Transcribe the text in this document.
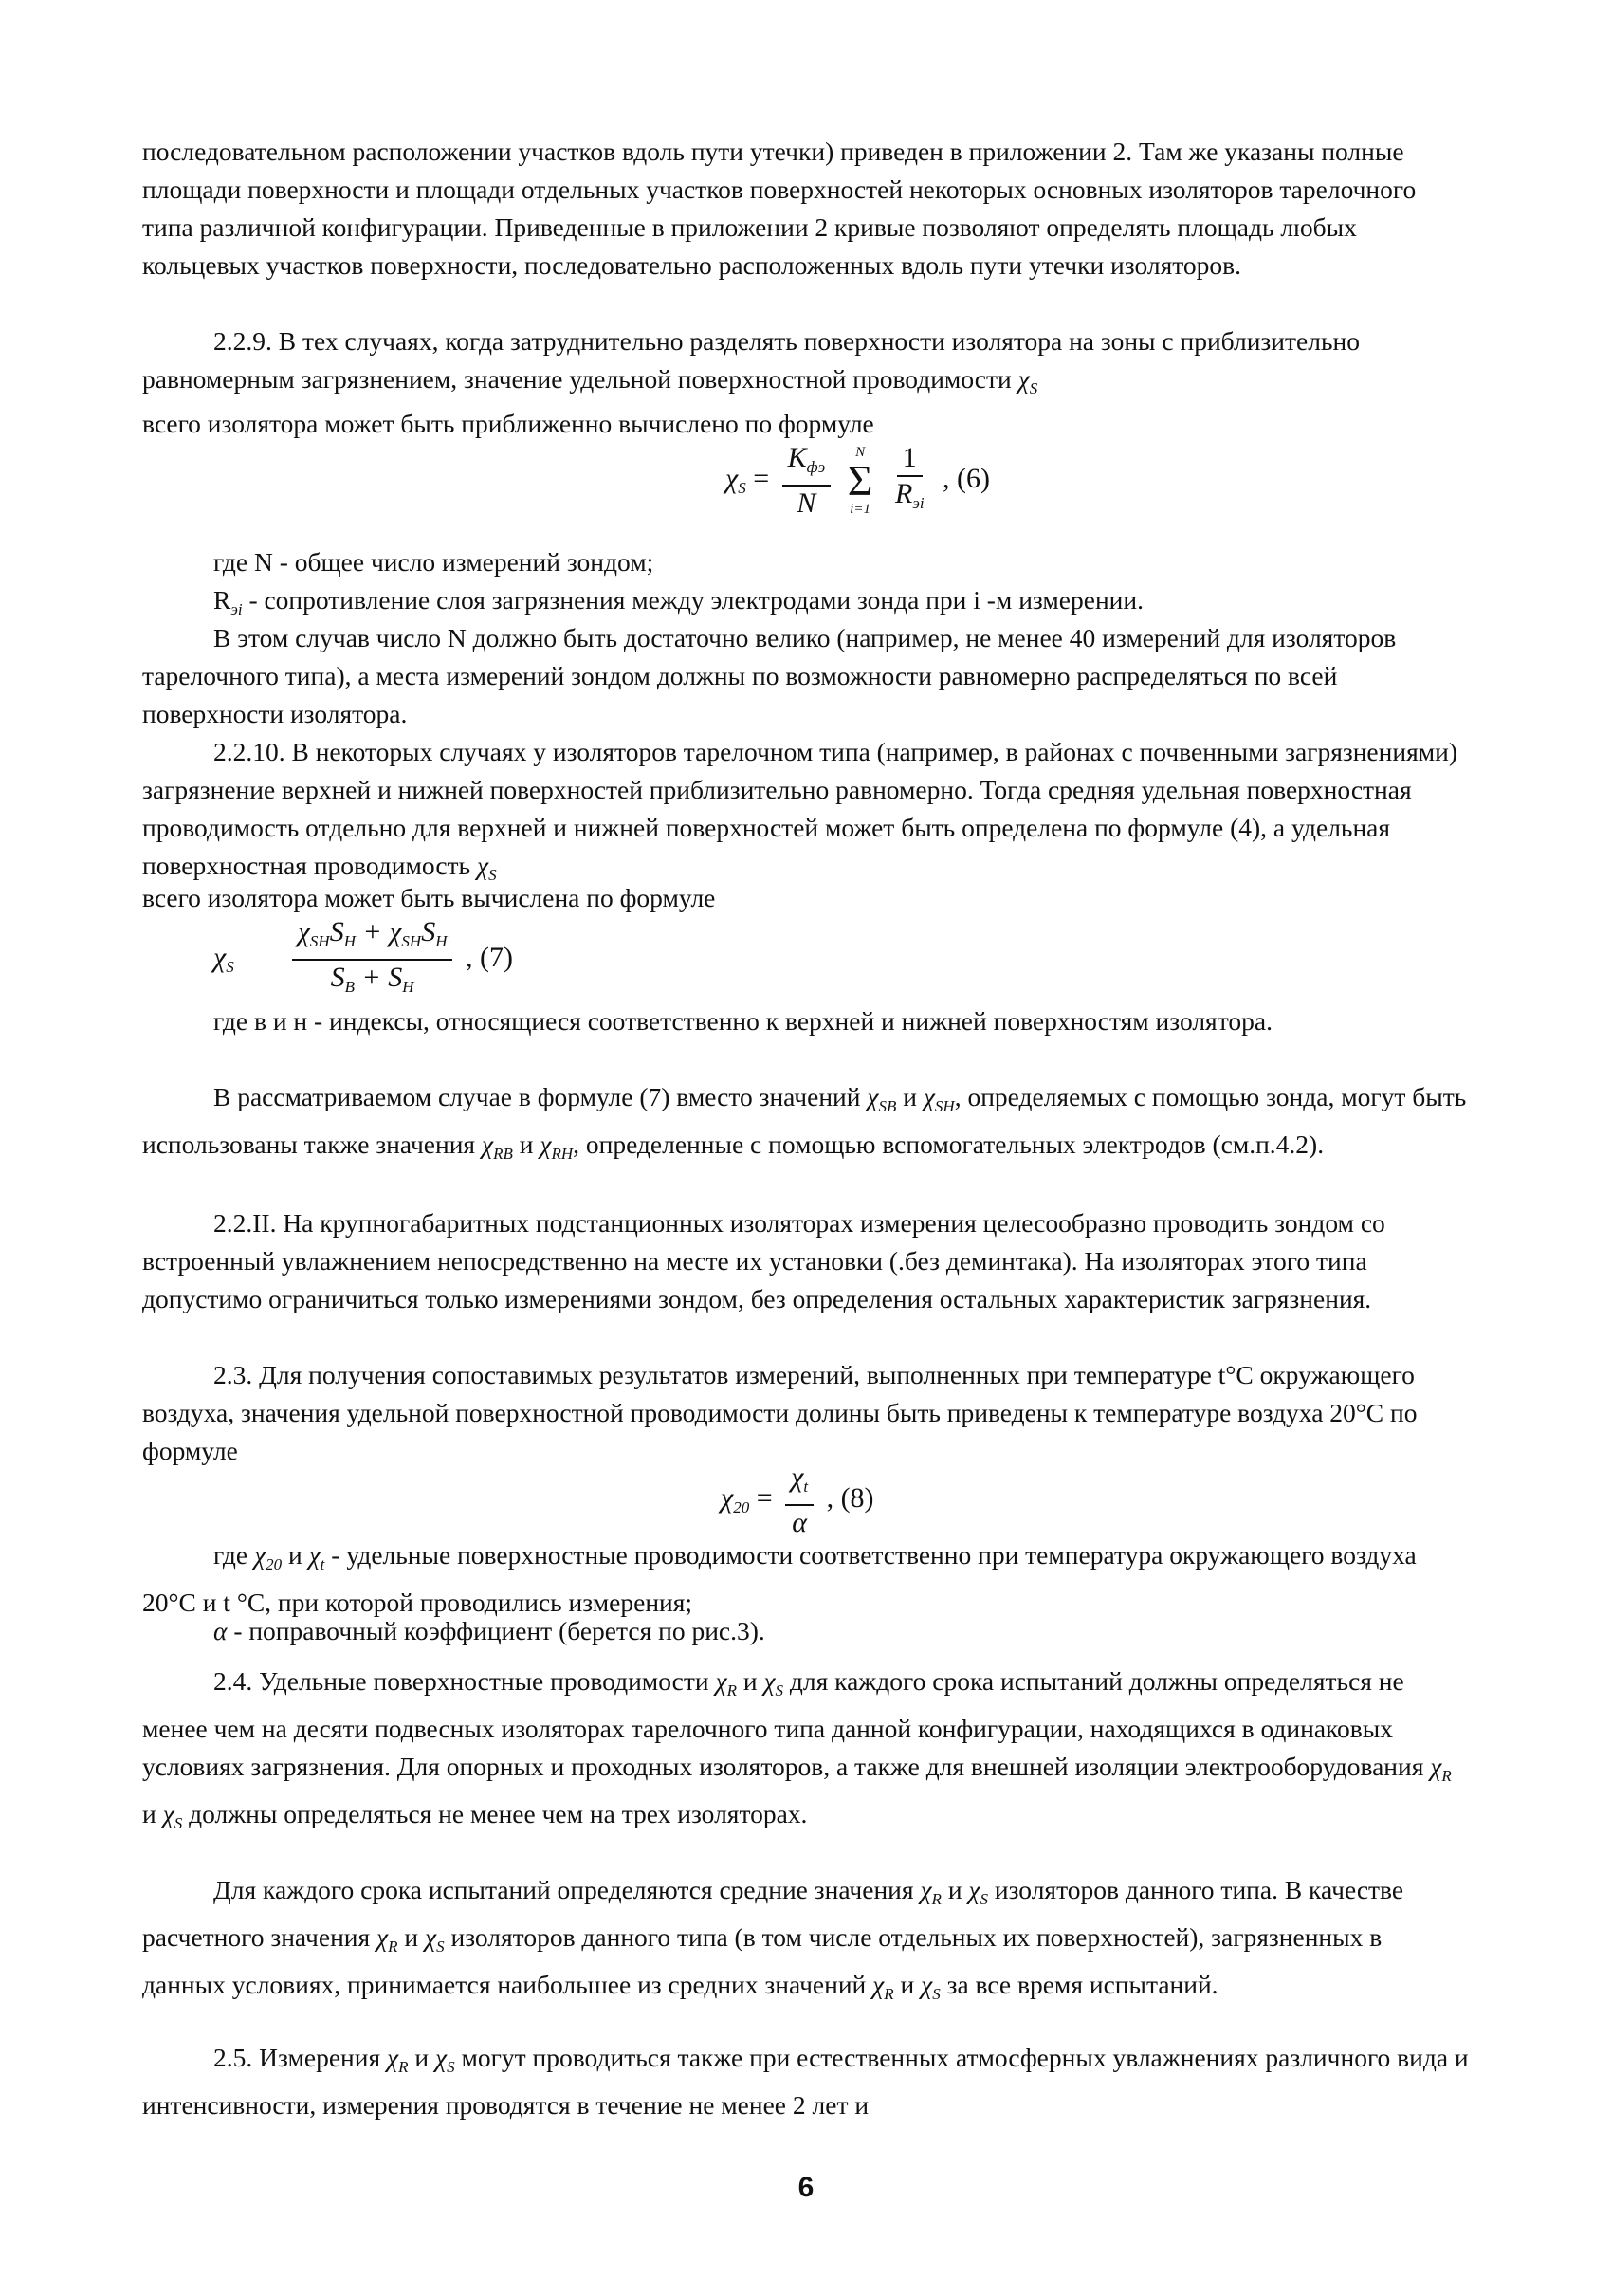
последовательном расположении участков вдоль пути утечки) приведен в приложении 2. Там же указаны полные площади поверхности и площади отдельных участков поверхностей некоторых основных изоляторов тарелочного типа различной конфигурации. Приведенные в приложении 2 кривые позволяют определять площадь любых кольцевых участков поверхности, последовательно расположенных вдоль пути утечки изоляторов.

2.2.9. В тех случаях, когда затруднительно разделять поверхности изолятора на зоны с приблизительно равномерным загрязнением, значение удельной поверхностной проводимости $\chi_S$

всего изолятора может быть приближенно вычислено по формуле

$\chi_S = \frac{K_{фэ}}{N}$
N
Σ
i=1
$\frac{1}{R_{эi}}$ , (6)

где N - общее число измерений зондом;

$R_{эi}$ - сопротивление слоя загрязнения между электродами зонда при i -м измерении.

В этом случав число N должно быть достаточно велико (например, не менее 40 измерений для изоляторов тарелочного типа), а места измерений зондом должны по возможности равномерно распределяться по всей поверхности изолятора.

2.2.10. В некоторых случаях у изоляторов тарелочном типа (например, в районах с почвенными загрязнениями) загрязнение верхней и нижней поверхностей приблизительно равномерно. Тогда средняя удельная поверхностная проводимость отдельно для верхней и нижней поверхностей может быть определена по формуле (4), а удельная поверхностная проводимость $\chi_S$

всего изолятора может быть вычислена по формуле

$\chi_S \frac{\chi_{SН}S_Н + \chi_{SН}S_Н}{S_В + S_Н}$ , (7)

где в и н - индексы, относящиеся соответственно к верхней и нижней поверхностям изолятора.

В рассматриваемом случае в формуле (7) вместо значений $\chi_{SB}$ и $\chi_{SH}$, определяемых с помощью зонда, могут быть использованы также значения $\chi_{RB}$ и $\chi_{RH}$, определенные с помощью вспомогательных электродов (см.п.4.2).

2.2.II. На крупногабаритных подстанционных изоляторах измерения целесообразно проводить зондом со встроенный увлажнением непосредственно на месте их установки (.без деминтака). На изоляторах этого типа допустимо ограничиться только измерениями зондом, без определения остальных характеристик загрязнения.

2.3. Для получения сопоставимых результатов измерений, выполненных при температуре t°C окружающего воздуха, значения удельной поверхностной проводимости долины быть приведены к температуре воздуха 20°C по формуле

$\chi_{20} = \frac{\chi_t}{\alpha}$ , (8)

где $\chi_{20}$ и $\chi_t$ - удельные поверхностные проводимости соответственно при температура окружающего воздуха 20°C и t °C, при которой проводились измерения;

α - поправочный коэффициент (берется по рис.3).

2.4. Удельные поверхностные проводимости $\chi_R$ и $\chi_S$ для каждого срока испытаний должны определяться не менее чем на десяти подвесных изоляторах тарелочного типа данной конфигурации, находящихся в одинаковых условиях загрязнения. Для опорных и проходных изоляторов, а также для внешней изоляции электрооборудования $\chi_R$ и $\chi_S$ должны определяться не менее чем на трех изоляторах.

Для каждого срока испытаний определяются средние значения $\chi_R$ и $\chi_S$ изоляторов данного типа. В качестве расчетного значения $\chi_R$ и $\chi_S$ изоляторов данного типа (в том числе отдельных их поверхностей), загрязненных в данных условиях, принимается наибольшее из средних значений $\chi_R$ и $\chi_S$ за все время испытаний.

2.5. Измерения $\chi_R$ и $\chi_S$ могут проводиться также при естественных атмосферных увлажнениях различного вида и интенсивности, измерения проводятся в течение не менее 2 лет и

6
